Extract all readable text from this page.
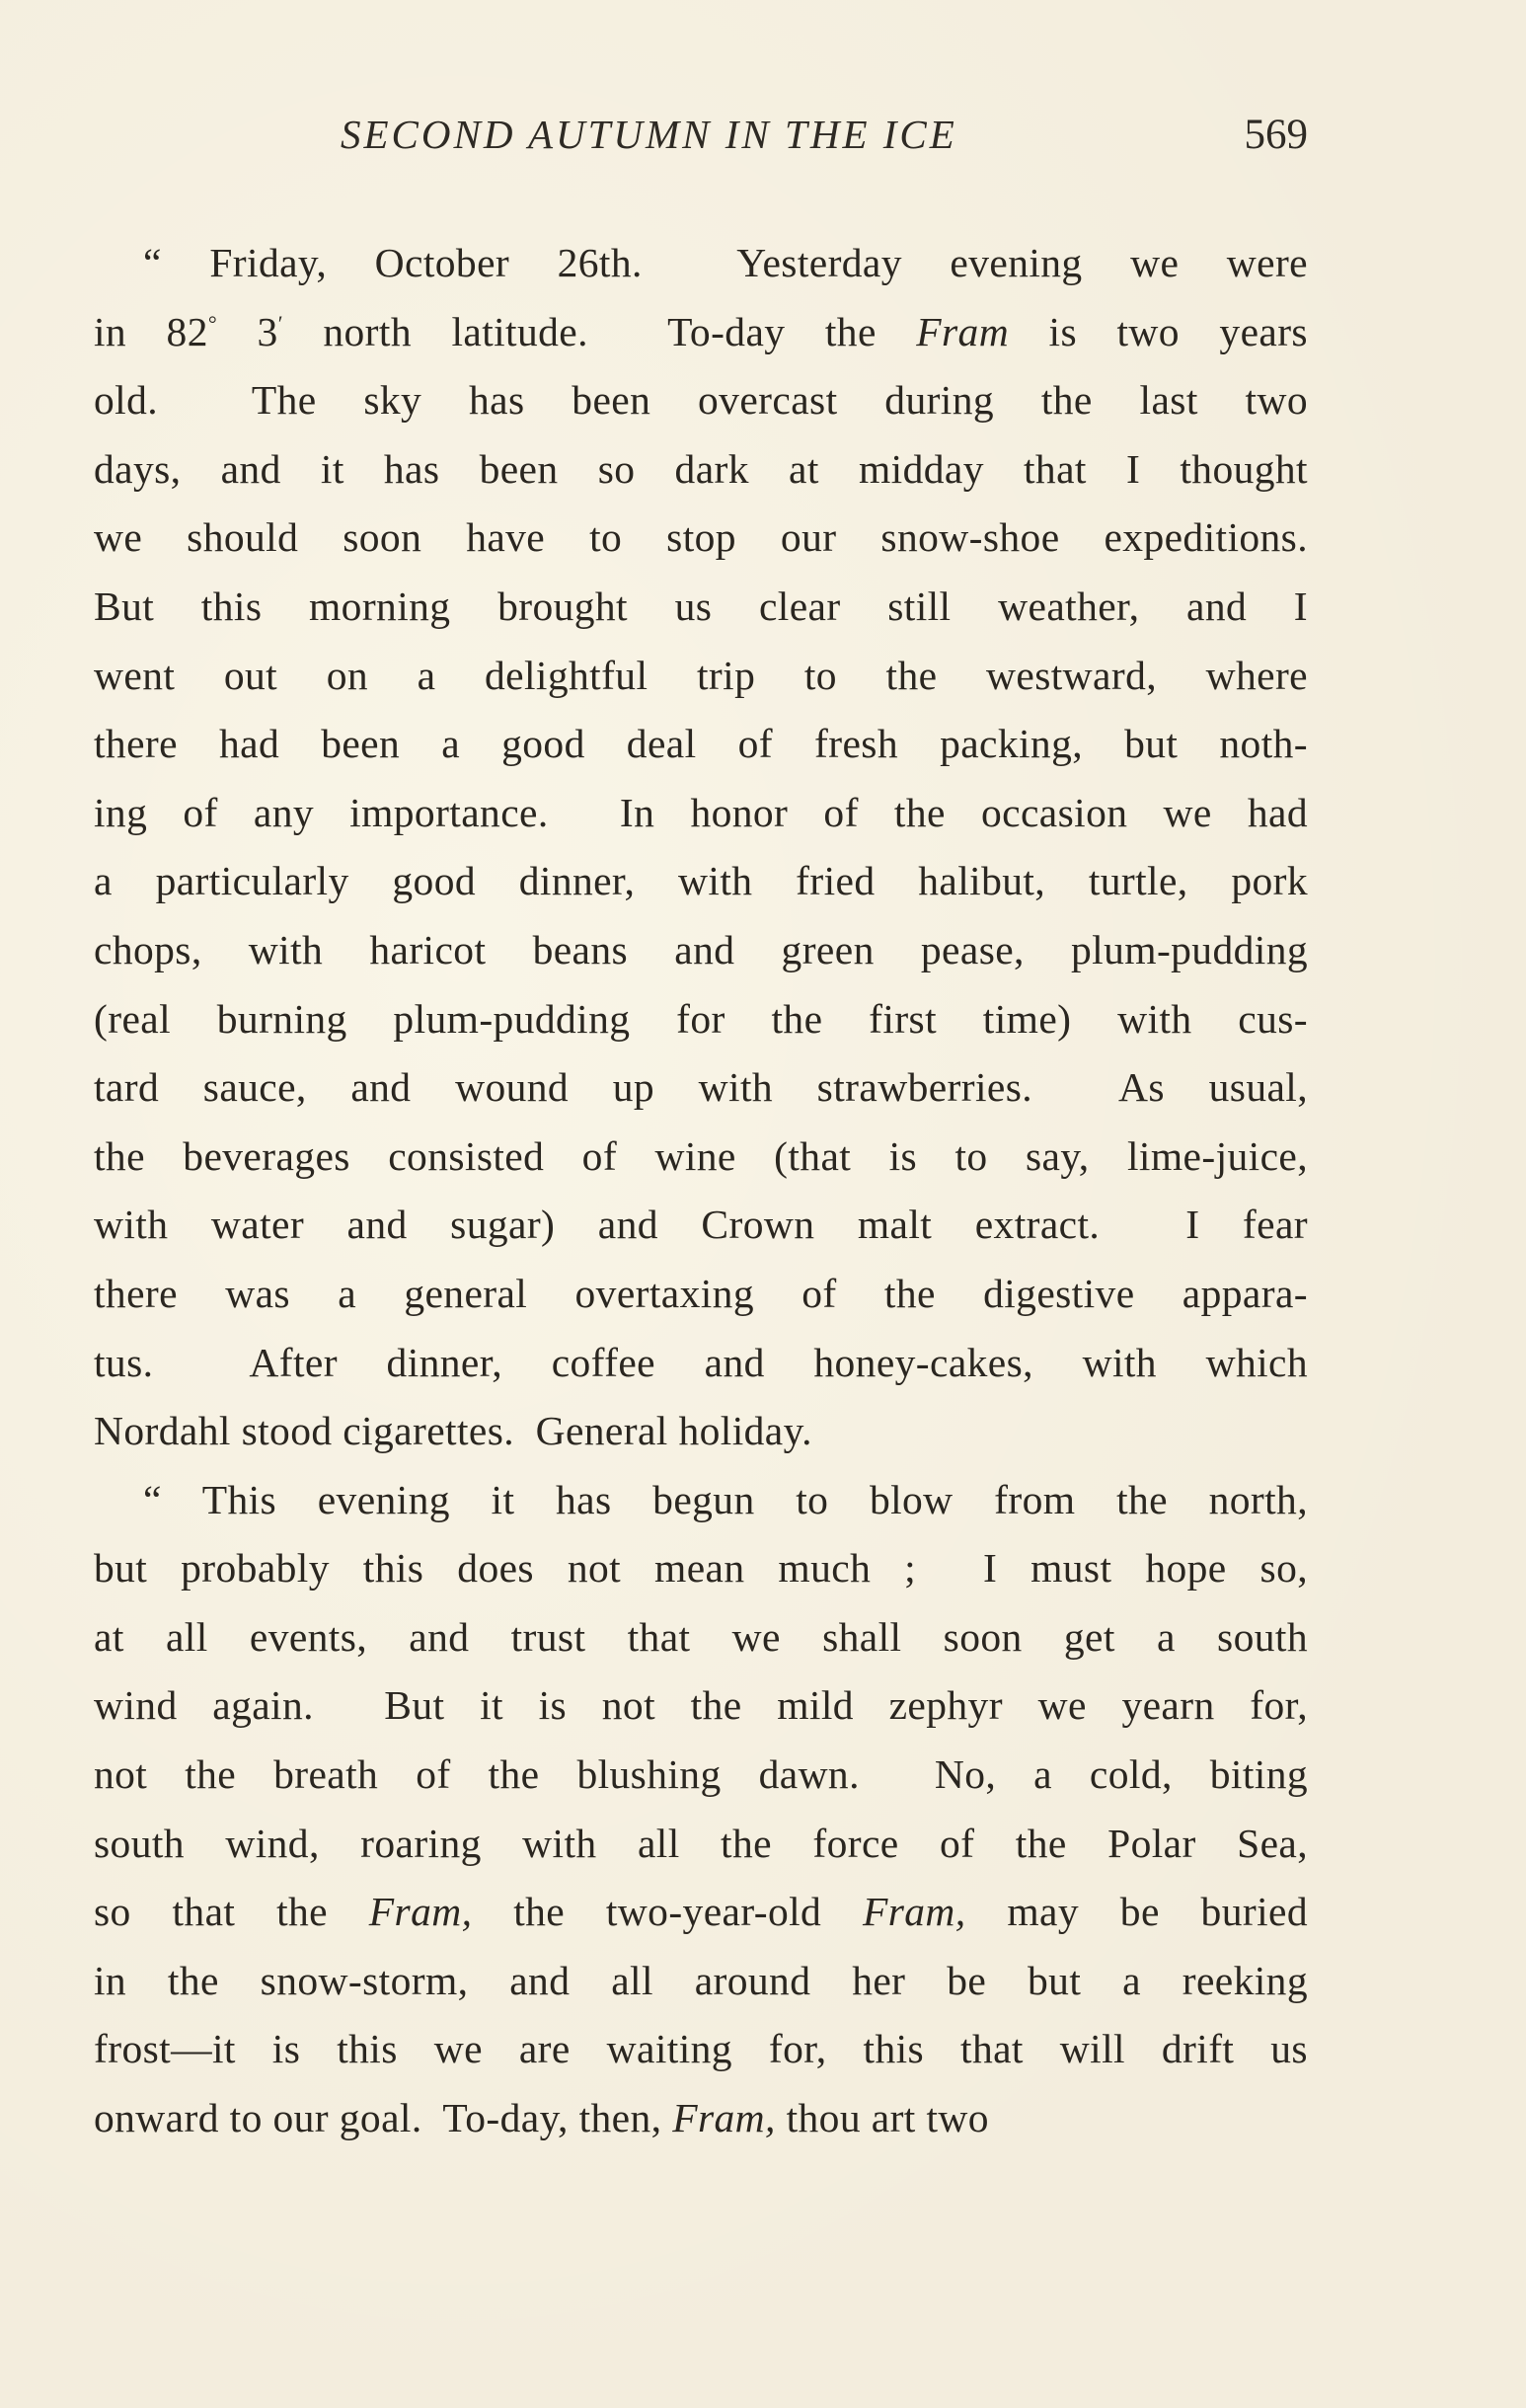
SECOND AUTUMN IN THE ICE	569
“ Friday, October 26th.  Yesterday evening we were
in 82° 3′ north latitude.  To-day the Fram is two years
old.  The sky has been overcast during the last two
days, and it has been so dark at midday that I thought
we should soon have to stop our snow-shoe expeditions.
But this morning brought us clear still weather, and I
went out on a delightful trip to the westward, where
there had been a good deal of fresh packing, but noth-
ing of any importance.  In honor of the occasion we had
a particularly good dinner, with fried halibut, turtle, pork
chops, with haricot beans and green pease, plum-pudding
(real burning plum-pudding for the first time) with cus-
tard sauce, and wound up with strawberries.  As usual,
the beverages consisted of wine (that is to say, lime-juice,
with water and sugar) and Crown malt extract.  I fear
there was a general overtaxing of the digestive appara-
tus.  After dinner, coffee and honey-cakes, with which
Nordahl stood cigarettes.  General holiday.
“ This evening it has begun to blow from the north,
but probably this does not mean much ;  I must hope so,
at all events, and trust that we shall soon get a south
wind again.  But it is not the mild zephyr we yearn for,
not the breath of the blushing dawn.  No, a cold, biting
south wind, roaring with all the force of the Polar Sea,
so that the Fram, the two-year-old Fram, may be buried
in the snow-storm, and all around her be but a reeking
frost—it is this we are waiting for, this that will drift us
onward to our goal.  To-day, then, Fram, thou art two
